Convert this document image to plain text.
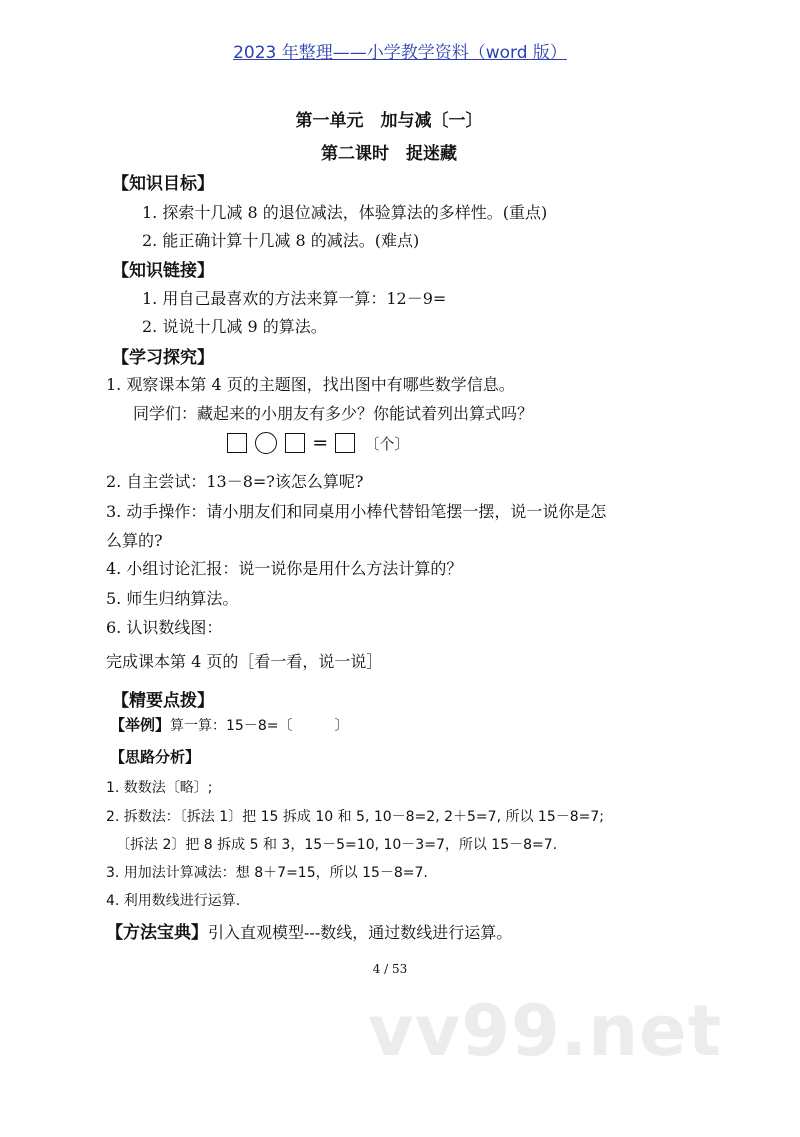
2023 年整理——小学教学资料（word 版）
第一单元　加与减〔一〕
第二课时　捉迷藏
【知识目标】
1. 探索十几减 8 的退位减法，体验算法的多样性。(重点)
2. 能正确计算十几减 8 的减法。(难点)
【知识链接】
1. 用自己最喜欢的方法来算一算：12－9=
2. 说说十几减 9 的算法。
【学习探究】
1. 观察课本第 4 页的主题图，找出图中有哪些数学信息。
同学们：藏起来的小朋友有多少？你能试着列出算式吗？
= 〔个〕
2. 自主尝试：13－8=?该怎么算呢?
3. 动手操作：请小朋友们和同桌用小棒代替铅笔摆一摆，说一说你是怎
么算的?
4. 小组讨论汇报：说一说你是用什么方法计算的？
5. 师生归纳算法。
6. 认识数线图：
完成课本第 4 页的［看一看，说一说］
【精要点拨】
【举例】算一算：15－8=〔　　　〕
【思路分析】
1. 数数法〔略〕;
2. 拆数法：〔拆法 1〕把 15 拆成 10 和 5, 10－8=2, 2＋5=7, 所以 15－8=7;
〔拆法 2〕把 8 拆成 5 和 3，15－5=10, 10－3=7，所以 15－8=7.
3. 用加法计算减法：想 8＋7=15，所以 15－8=7.
4. 利用数线进行运算.
【方法宝典】引入直观模型---数线，通过数线进行运算。
4 / 53
vv99.net
